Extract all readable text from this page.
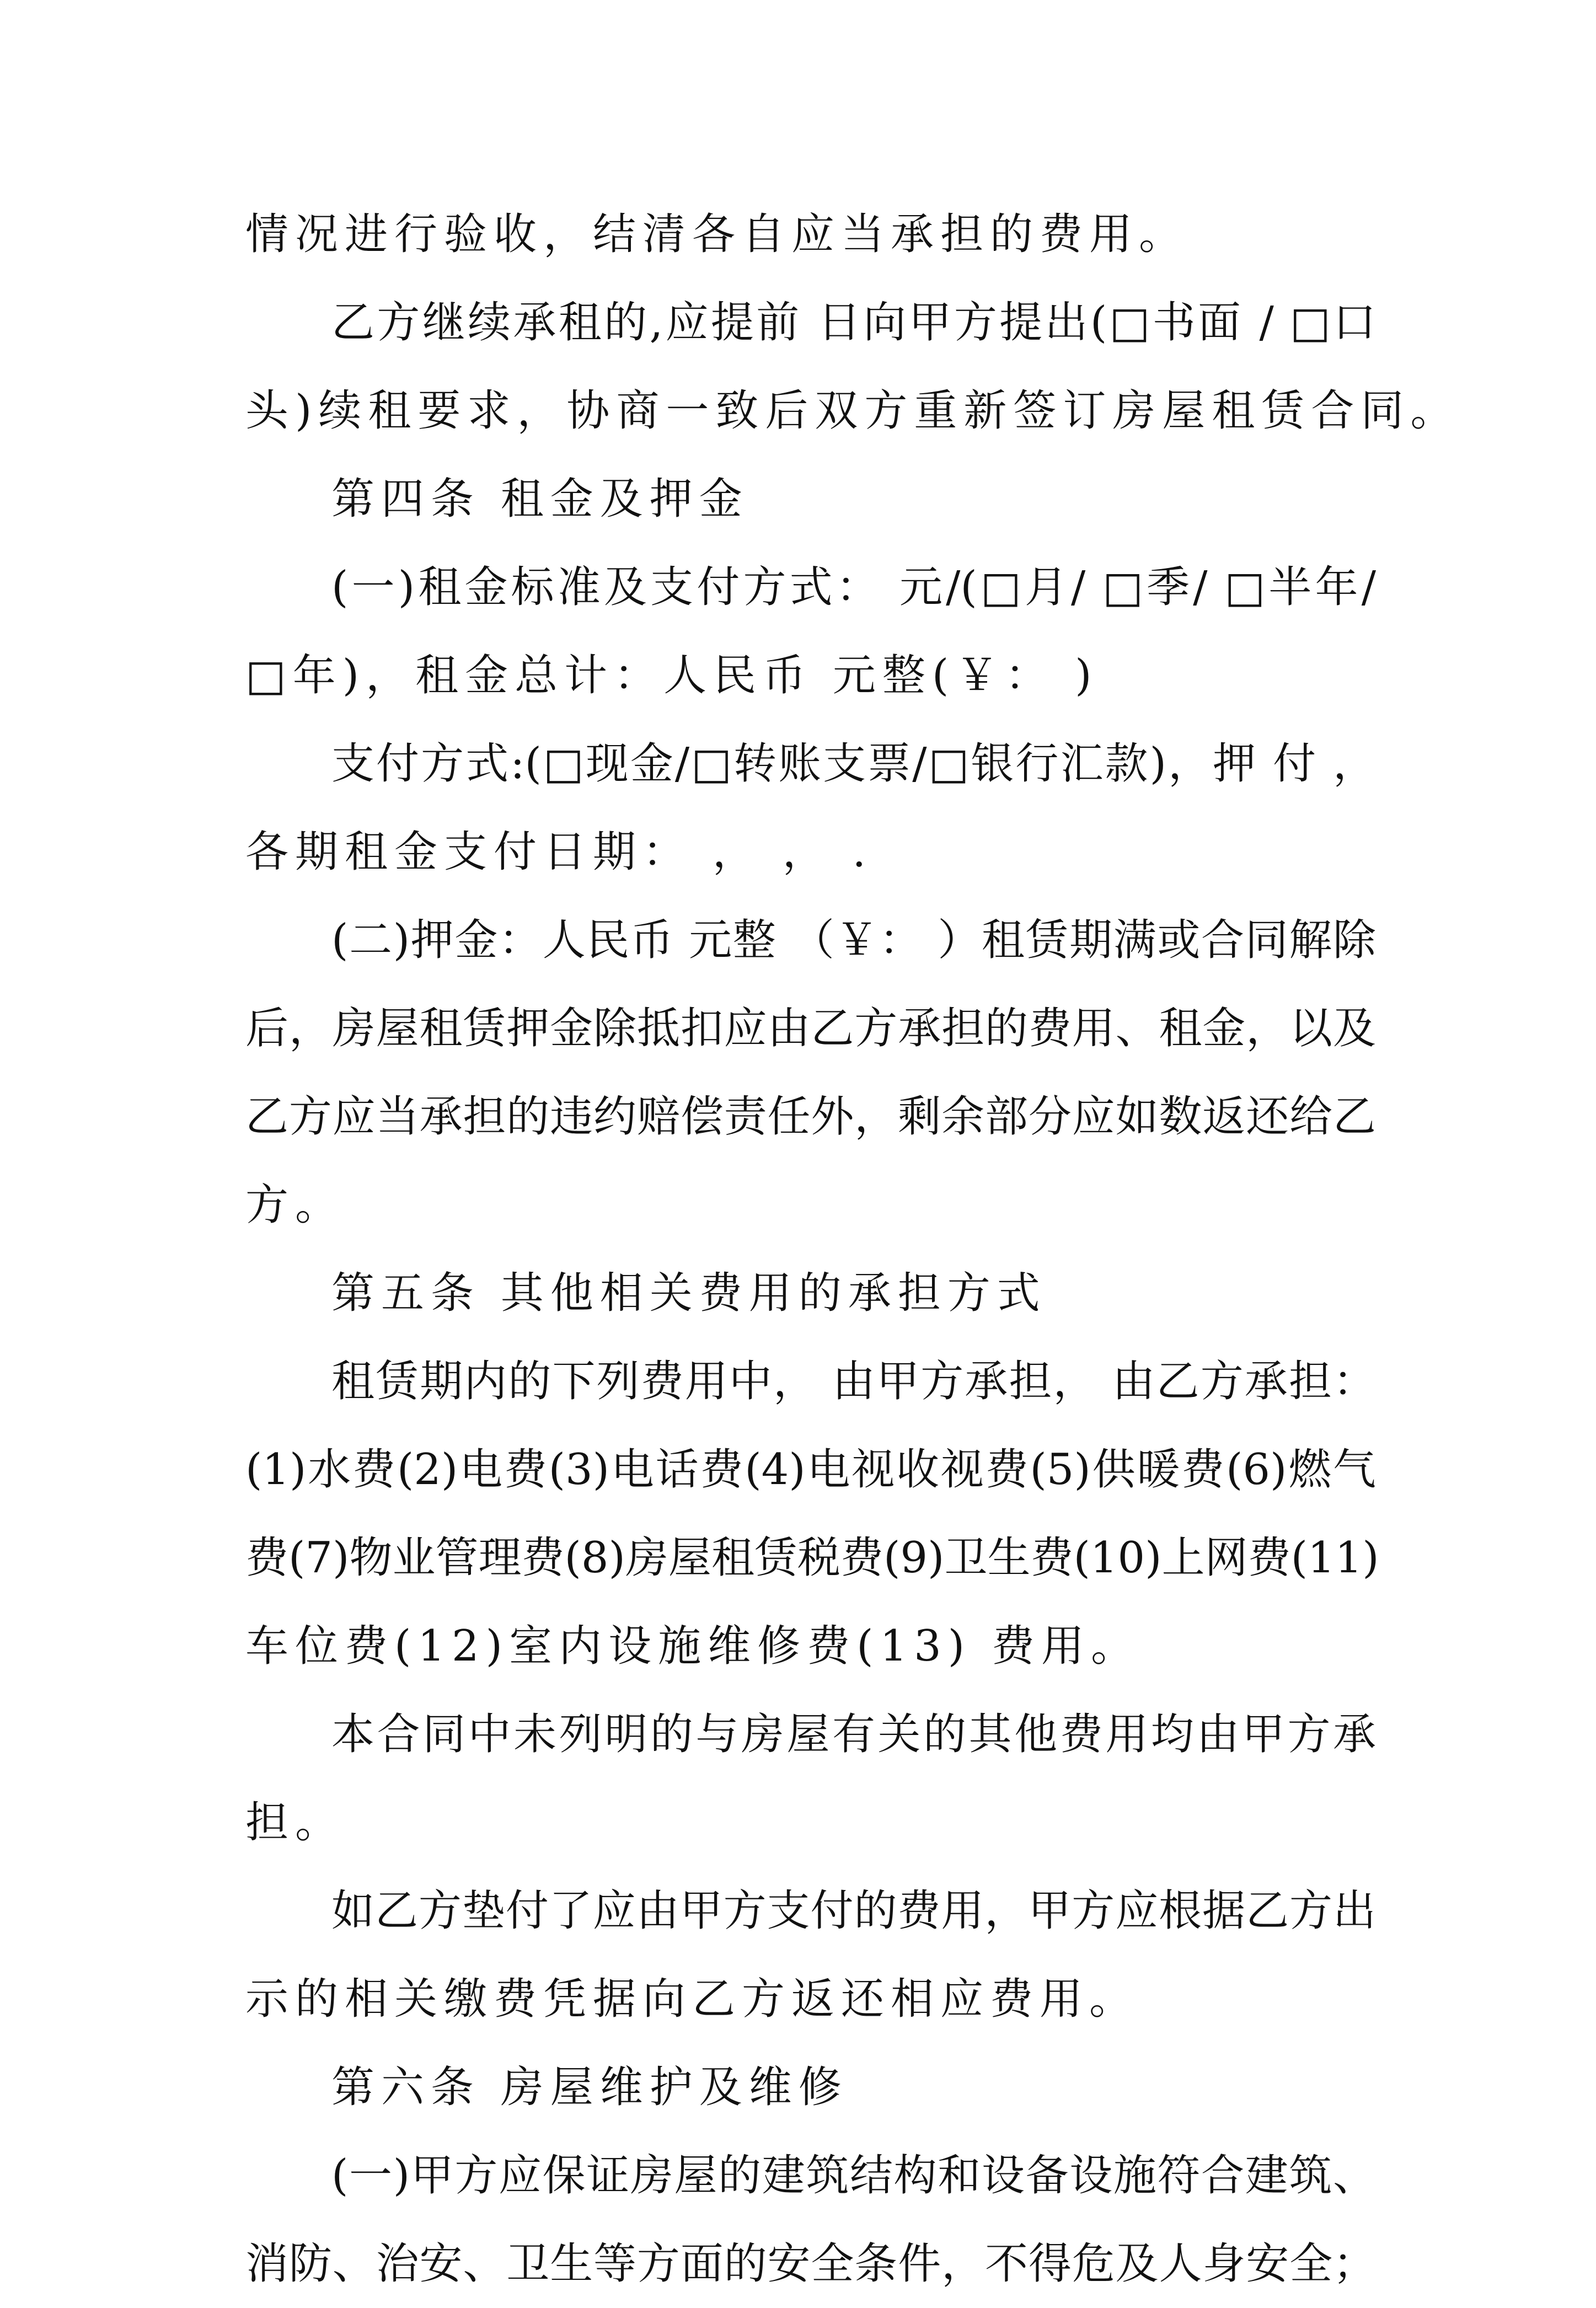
情况进行验收，结清各自应当承担的费用。
乙方继续承租的,应提前 日向甲方提出(□书面 / □口
头)续租要求，协商一致后双方重新签订房屋租赁合同。
第四条 租金及押金
(一)租金标准及支付方式： 元/(□月/ □季/ □半年/
□年)，租金总计：人民币 元整(￥： )
支付方式:(□现金/□转账支票/□银行汇款)，押 付 ，
各期租金支付日期： ， ， .
(二)押金：人民币 元整 （￥： ）租赁期满或合同解除
后，房屋租赁押金除抵扣应由乙方承担的费用、租金，以及
乙方应当承担的违约赔偿责任外，剩余部分应如数返还给乙
方。
第五条 其他相关费用的承担方式
租赁期内的下列费用中， 由甲方承担， 由乙方承担：
(1)水费(2)电费(3)电话费(4)电视收视费(5)供暖费(6)燃气
费(7)物业管理费(8)房屋租赁税费(9)卫生费(10)上网费(11)
车位费(12)室内设施维修费(13) 费用。
本合同中未列明的与房屋有关的其他费用均由甲方承
担。
如乙方垫付了应由甲方支付的费用，甲方应根据乙方出
示的相关缴费凭据向乙方返还相应费用。
第六条 房屋维护及维修
(一)甲方应保证房屋的建筑结构和设备设施符合建筑、
消防、治安、卫生等方面的安全条件，不得危及人身安全；
